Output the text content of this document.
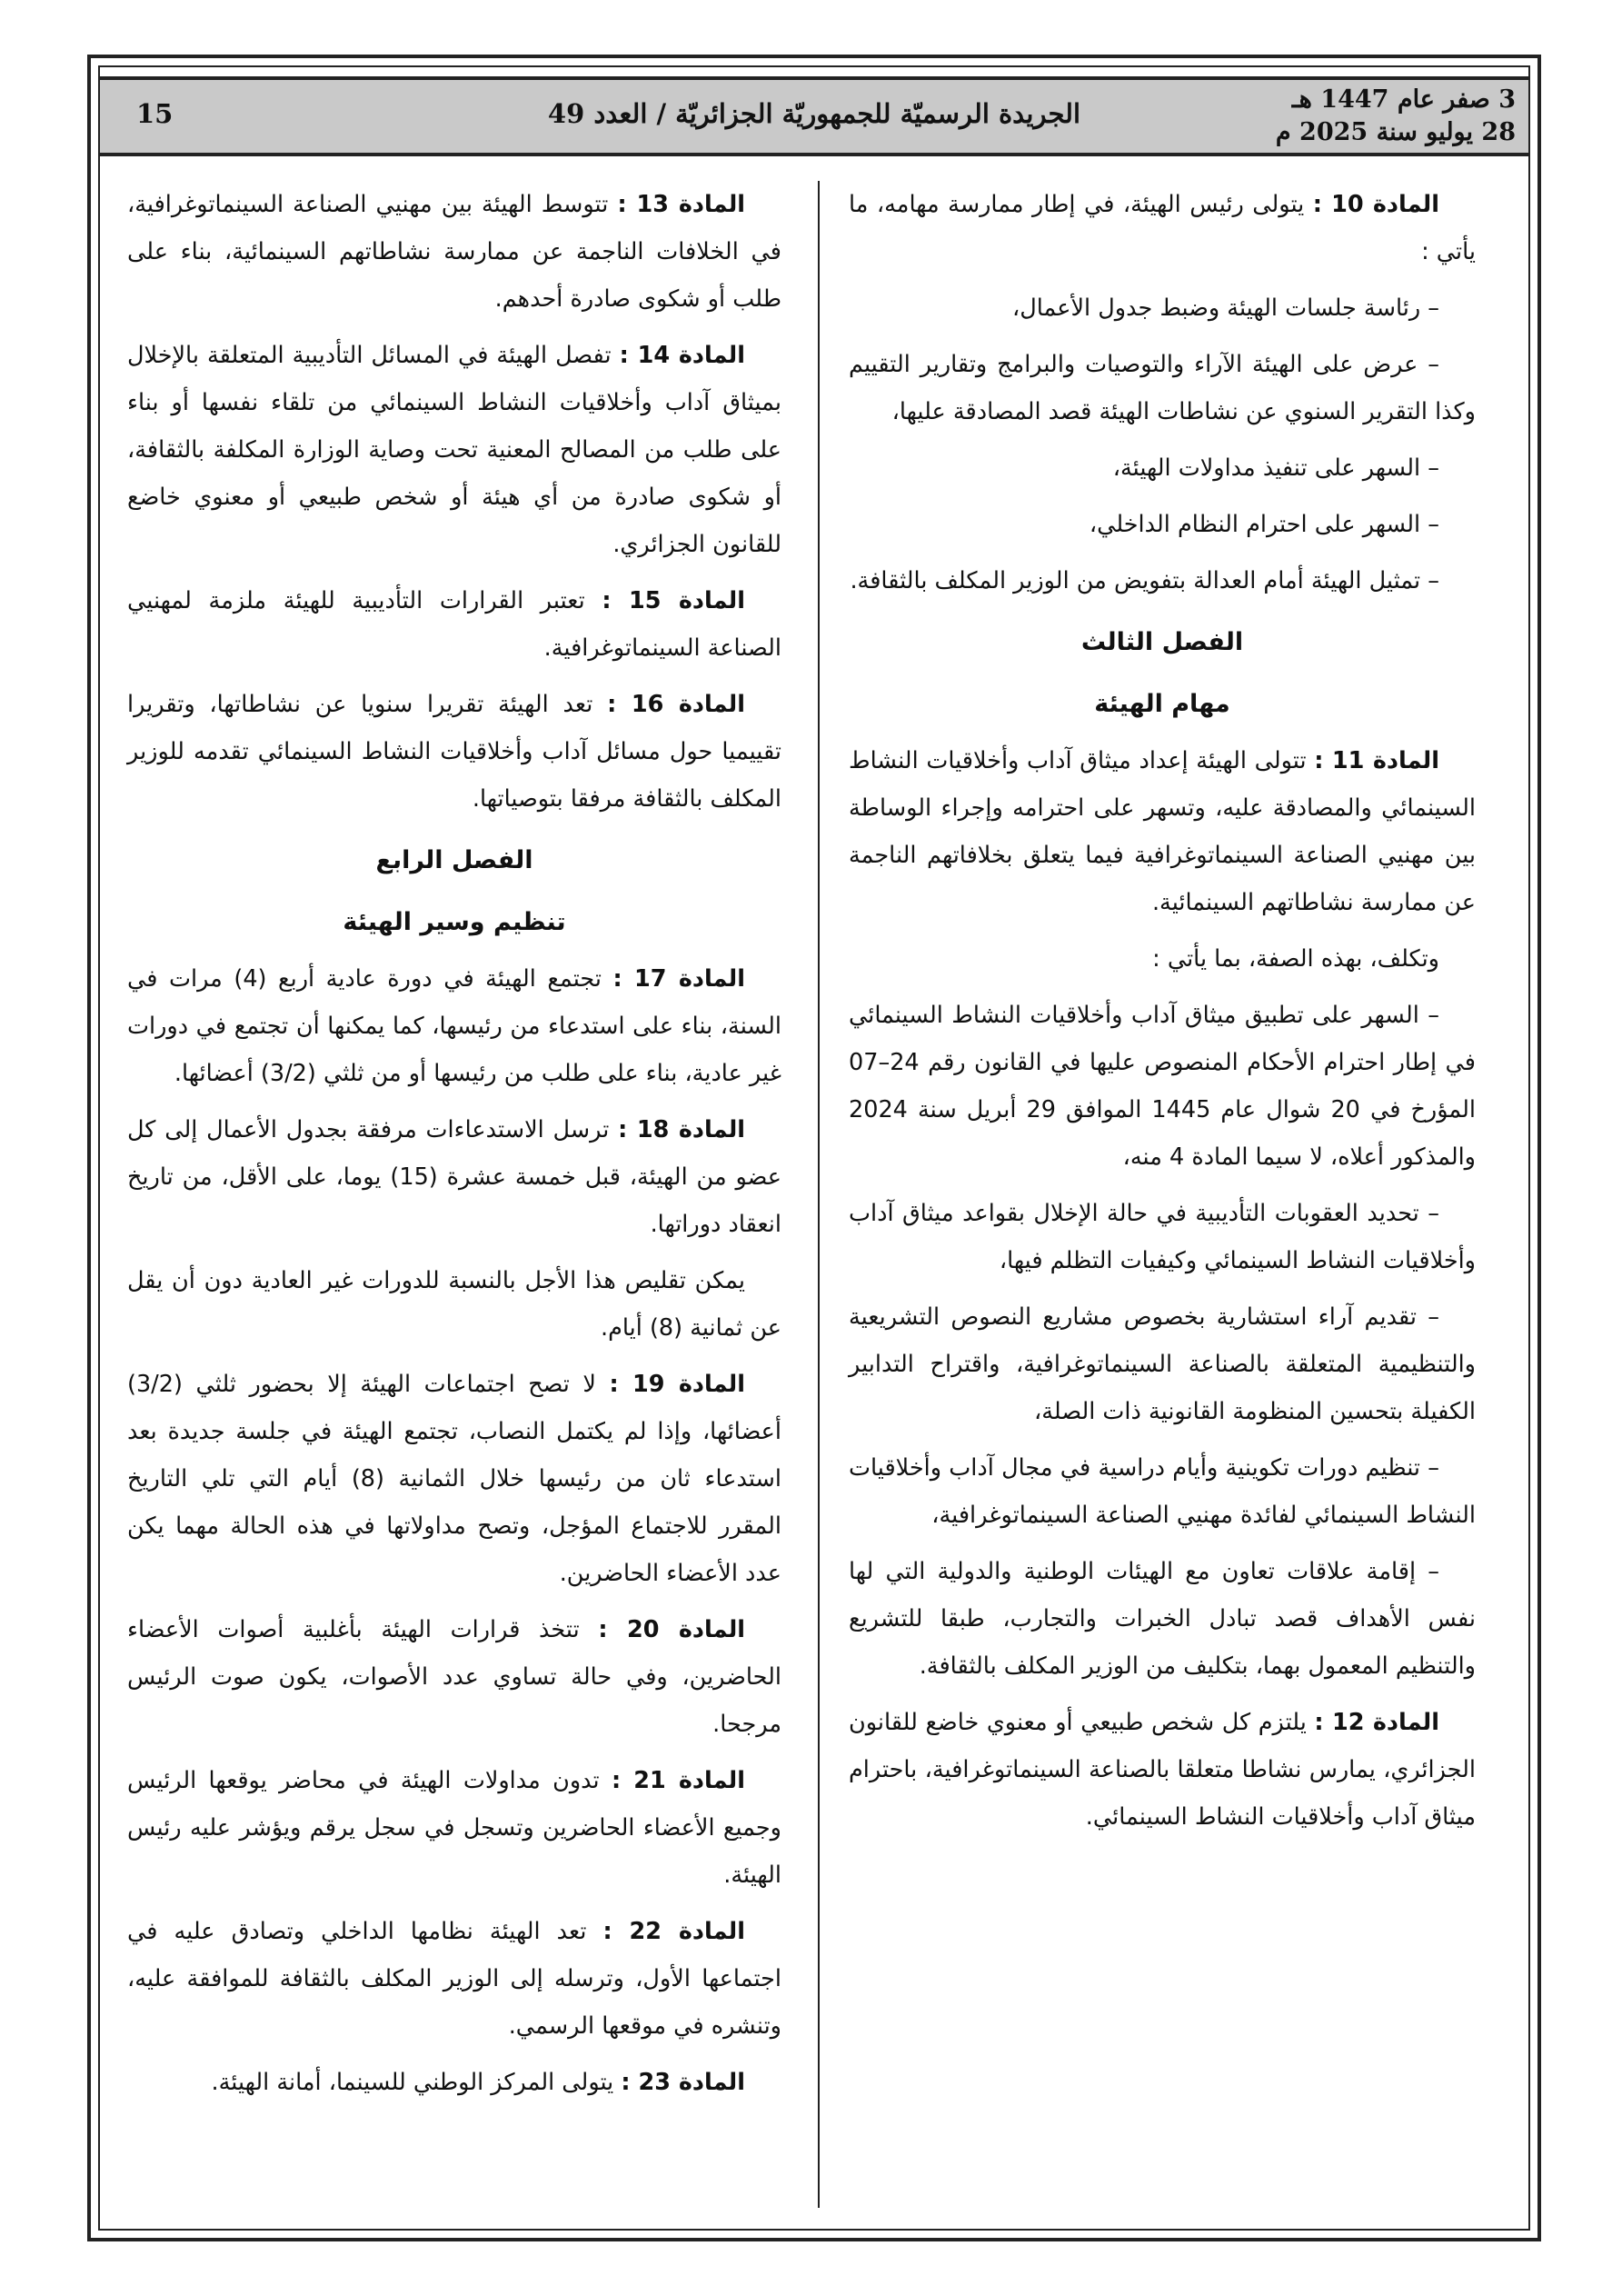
3 صفر عام 1447 هـ
28 يوليو سنة 2025 م
الجريدة الرسميّة للجمهوريّة الجزائريّة / العدد 49
15

المادة 10 : يتولى رئيس الهيئة، في إطار ممارسة مهامه، ما يأتي :

– رئاسة جلسات الهيئة وضبط جدول الأعمال،

– عرض على الهيئة الآراء والتوصيات والبرامج وتقارير التقييم وكذا التقرير السنوي عن نشاطات الهيئة قصد المصادقة عليها،

– السهر على تنفيذ مداولات الهيئة،

– السهر على احترام النظام الداخلي،

– تمثيل الهيئة أمام العدالة بتفويض من الوزير المكلف بالثقافة.

الفصل الثالث
مهام الهيئة

المادة 11 : تتولى الهيئة إعداد ميثاق آداب وأخلاقيات النشاط السينمائي والمصادقة عليه، وتسهر على احترامه وإجراء الوساطة بين مهنيي الصناعة السينماتوغرافية فيما يتعلق بخلافاتهم الناجمة عن ممارسة نشاطاتهم السينمائية.

وتكلف، بهذه الصفة، بما يأتي :

– السهر على تطبيق ميثاق آداب وأخلاقيات النشاط السينمائي في إطار احترام الأحكام المنصوص عليها في القانون رقم 24–07 المؤرخ في 20 شوال عام 1445 الموافق 29 أبريل سنة 2024 والمذكور أعلاه، لا سيما المادة 4 منه،

– تحديد العقوبات التأديبية في حالة الإخلال بقواعد ميثاق آداب وأخلاقيات النشاط السينمائي وكيفيات التظلم فيها،

– تقديم آراء استشارية بخصوص مشاريع النصوص التشريعية والتنظيمية المتعلقة بالصناعة السينماتوغرافية، واقتراح التدابير الكفيلة بتحسين المنظومة القانونية ذات الصلة،

– تنظيم دورات تكوينية وأيام دراسية في مجال آداب وأخلاقيات النشاط السينمائي لفائدة مهنيي الصناعة السينماتوغرافية،

– إقامة علاقات تعاون مع الهيئات الوطنية والدولية التي لها نفس الأهداف قصد تبادل الخبرات والتجارب، طبقا للتشريع والتنظيم المعمول بهما، بتكليف من الوزير المكلف بالثقافة.

المادة 12 : يلتزم كل شخص طبيعي أو معنوي خاضع للقانون الجزائري، يمارس نشاطا متعلقا بالصناعة السينماتوغرافية، باحترام ميثاق آداب وأخلاقيات النشاط السينمائي.

المادة 13 : تتوسط الهيئة بين مهنيي الصناعة السينماتوغرافية، في الخلافات الناجمة عن ممارسة نشاطاتهم السينمائية، بناء على طلب أو شكوى صادرة أحدهم.

المادة 14 : تفصل الهيئة في المسائل التأديبية المتعلقة بالإخلال بميثاق آداب وأخلاقيات النشاط السينمائي من تلقاء نفسها أو بناء على طلب من المصالح المعنية تحت وصاية الوزارة المكلفة بالثقافة، أو شكوى صادرة من أي هيئة أو شخص طبيعي أو معنوي خاضع للقانون الجزائري.

المادة 15 : تعتبر القرارات التأديبية للهيئة ملزمة لمهنيي الصناعة السينماتوغرافية.

المادة 16 : تعد الهيئة تقريرا سنويا عن نشاطاتها، وتقريرا تقييميا حول مسائل آداب وأخلاقيات النشاط السينمائي تقدمه للوزير المكلف بالثقافة مرفقا بتوصياتها.

الفصل الرابع
تنظيم وسير الهيئة

المادة 17 : تجتمع الهيئة في دورة عادية أربع (4) مرات في السنة، بناء على استدعاء من رئيسها، كما يمكنها أن تجتمع في دورات غير عادية، بناء على طلب من رئيسها أو من ثلثي (3/2) أعضائها.

المادة 18 : ترسل الاستدعاءات مرفقة بجدول الأعمال إلى كل عضو من الهيئة، قبل خمسة عشرة (15) يوما، على الأقل، من تاريخ انعقاد دوراتها.

يمكن تقليص هذا الأجل بالنسبة للدورات غير العادية دون أن يقل عن ثمانية (8) أيام.

المادة 19 : لا تصح اجتماعات الهيئة إلا بحضور ثلثي (3/2) أعضائها، وإذا لم يكتمل النصاب، تجتمع الهيئة في جلسة جديدة بعد استدعاء ثان من رئيسها خلال الثمانية (8) أيام التي تلي التاريخ المقرر للاجتماع المؤجل، وتصح مداولاتها في هذه الحالة مهما يكن عدد الأعضاء الحاضرين.

المادة 20 : تتخذ قرارات الهيئة بأغلبية أصوات الأعضاء الحاضرين، وفي حالة تساوي عدد الأصوات، يكون صوت الرئيس مرجحا.

المادة 21 : تدون مداولات الهيئة في محاضر يوقعها الرئيس وجميع الأعضاء الحاضرين وتسجل في سجل يرقم ويؤشر عليه رئيس الهيئة.

المادة 22 : تعد الهيئة نظامها الداخلي وتصادق عليه في اجتماعها الأول، وترسله إلى الوزير المكلف بالثقافة للموافقة عليه، وتنشره في موقعها الرسمي.

المادة 23 : يتولى المركز الوطني للسينما، أمانة الهيئة.
